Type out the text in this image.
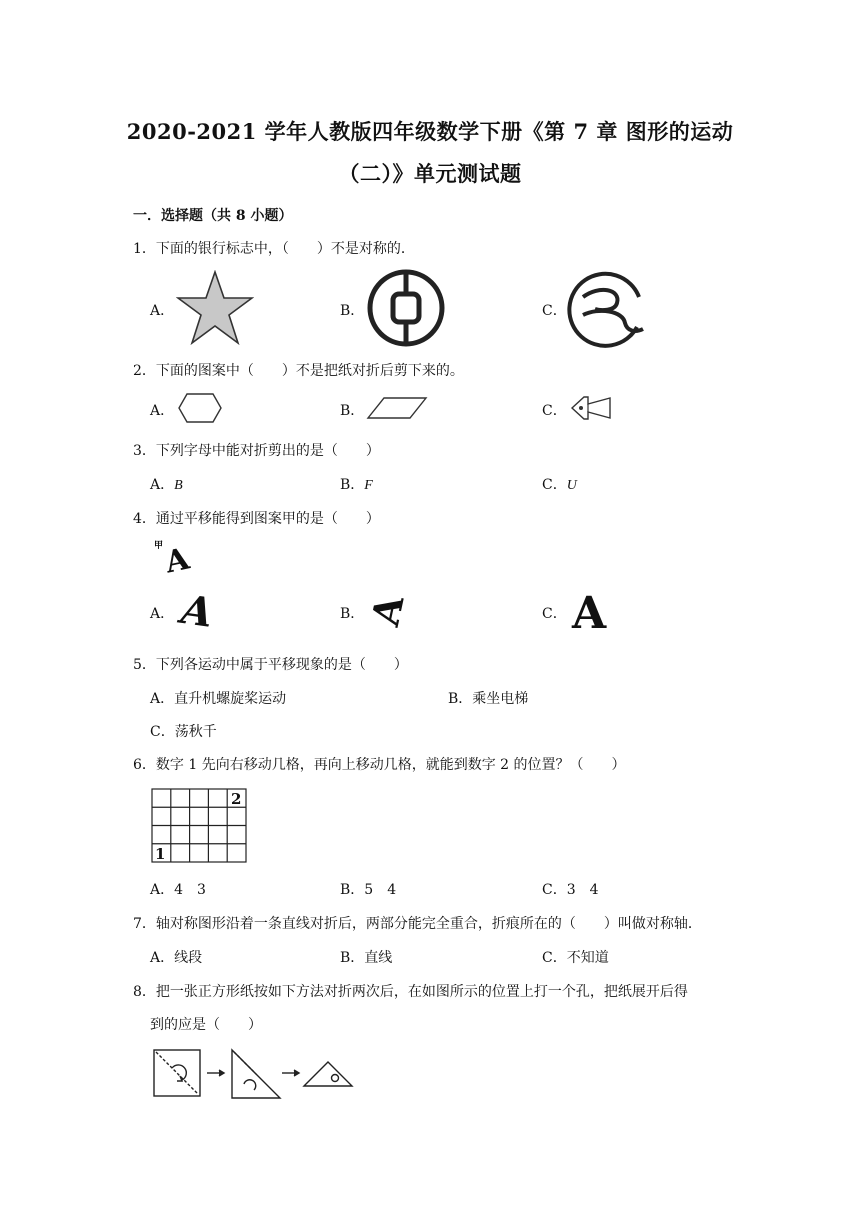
2020-2021 学年人教版四年级数学下册《第 7 章 图形的运动
（二）》单元测试题
一．选择题（共 8 小题）
1．下面的银行标志中，（　　）不是对称的．
A．	B．	C．
2．下面的图案中（　　）不是把纸对折后剪下来的。
A．	B．	C．
3．下列字母中能对折剪出的是（　　）
A．B	B．F	C．U
4．通过平移能得到图案甲的是（　　）
甲 A
A． A	B．
A	C． A
5．下列各运动中属于平移现象的是（　　）
A．直升机螺旋桨运动	B．乘坐电梯
C．荡秋千
6．数字 1 先向右移动几格，再向上移动几格，就能到数字 2 的位置？（　　）
1
2
A．4　3	B．5　4	C．3　4
7．轴对称图形沿着一条直线对折后，两部分能完全重合，折痕所在的（　　）叫做对称轴．
A．线段	B．直线	C．不知道
8．把一张正方形纸按如下方法对折两次后，在如图所示的位置上打一个孔，把纸展开后得
到的应是（　　）
